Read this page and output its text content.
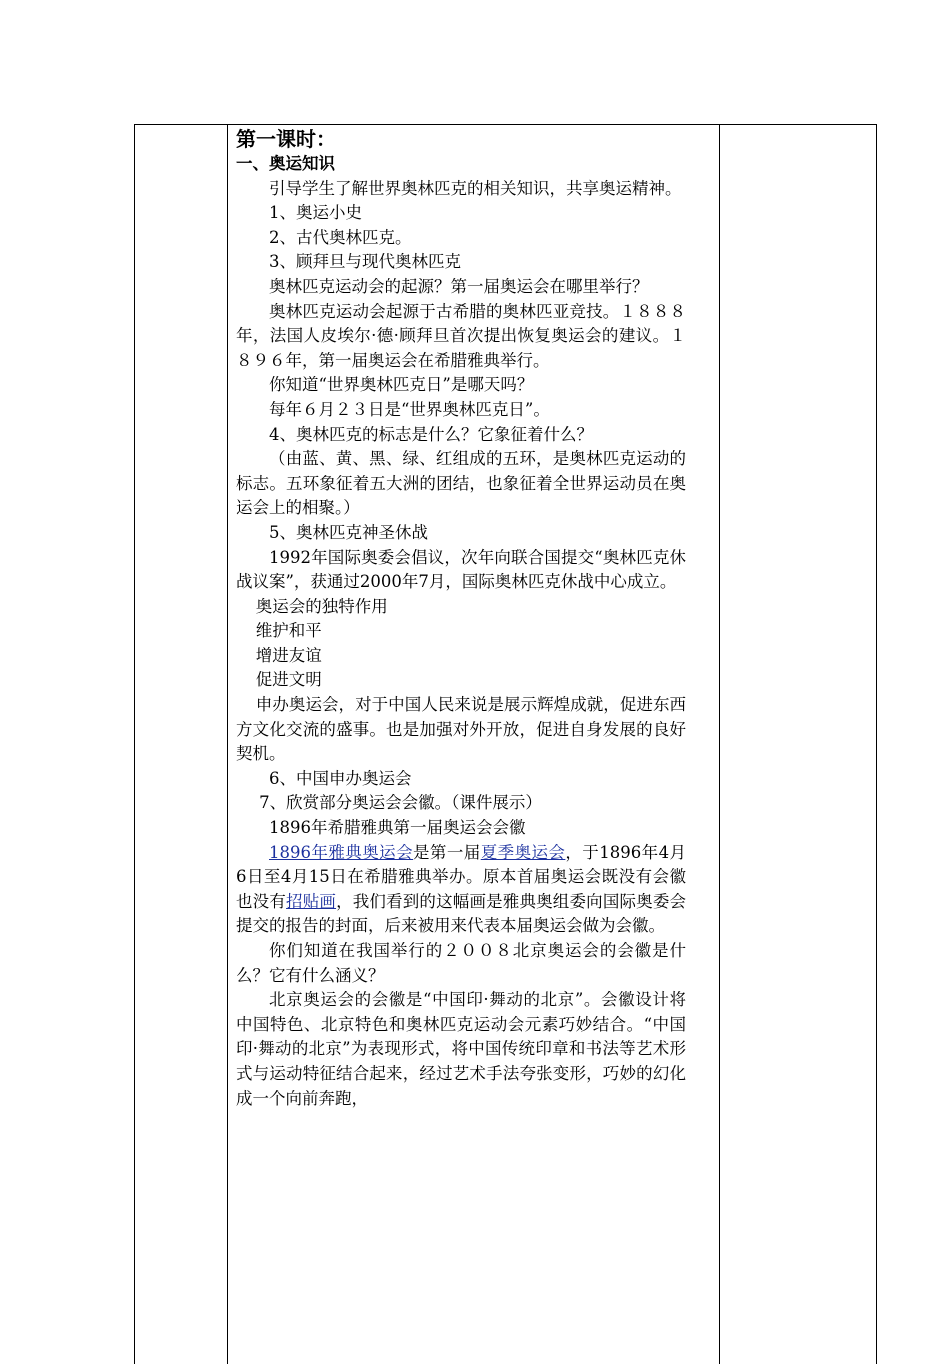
第一课时：

一、奥运知识

引导学生了解世界奥林匹克的相关知识，共享奥运精神。

1、奥运小史

2、古代奥林匹克。

3、顾拜旦与现代奥林匹克

奥林匹克运动会的起源？第一届奥运会在哪里举行？

奥林匹克运动会起源于古希腊的奥林匹亚竞技。１８８８年，法国人皮埃尔·德·顾拜旦首次提出恢复奥运会的建议。１８９６年，第一届奥运会在希腊雅典举行。

你知道“世界奥林匹克日”是哪天吗？

每年６月２３日是“世界奥林匹克日”。

4、奥林匹克的标志是什么？它象征着什么？

（由蓝、黄、黑、绿、红组成的五环，是奥林匹克运动的标志。五环象征着五大洲的团结，也象征着全世界运动员在奥运会上的相聚。）

5、奥林匹克神圣休战

1992年国际奥委会倡议，次年向联合国提交“奥林匹克休战议案”，获通过2000年7月，国际奥林匹克休战中心成立。

奥运会的独特作用

维护和平

增进友谊

促进文明

申办奥运会，对于中国人民来说是展示辉煌成就，促进东西方文化交流的盛事。也是加强对外开放，促进自身发展的良好契机。

6、中国申办奥运会

7、欣赏部分奥运会会徽。（课件展示）

1896年希腊雅典第一届奥运会会徽

1896年雅典奥运会是第一届夏季奥运会，于1896年4月6日至4月15日在希腊雅典举办。原本首届奥运会既没有会徽也没有招贴画，我们看到的这幅画是雅典奥组委向国际奥委会提交的报告的封面，后来被用来代表本届奥运会做为会徽。

你们知道在我国举行的２００８北京奥运会的会徽是什么？它有什么涵义？

北京奥运会的会徽是“中国印·舞动的北京”。会徽设计将中国特色、北京特色和奥林匹克运动会元素巧妙结合。“中国印·舞动的北京”为表现形式，将中国传统印章和书法等艺术形式与运动特征结合起来，经过艺术手法夸张变形，巧妙的幻化成一个向前奔跑，
